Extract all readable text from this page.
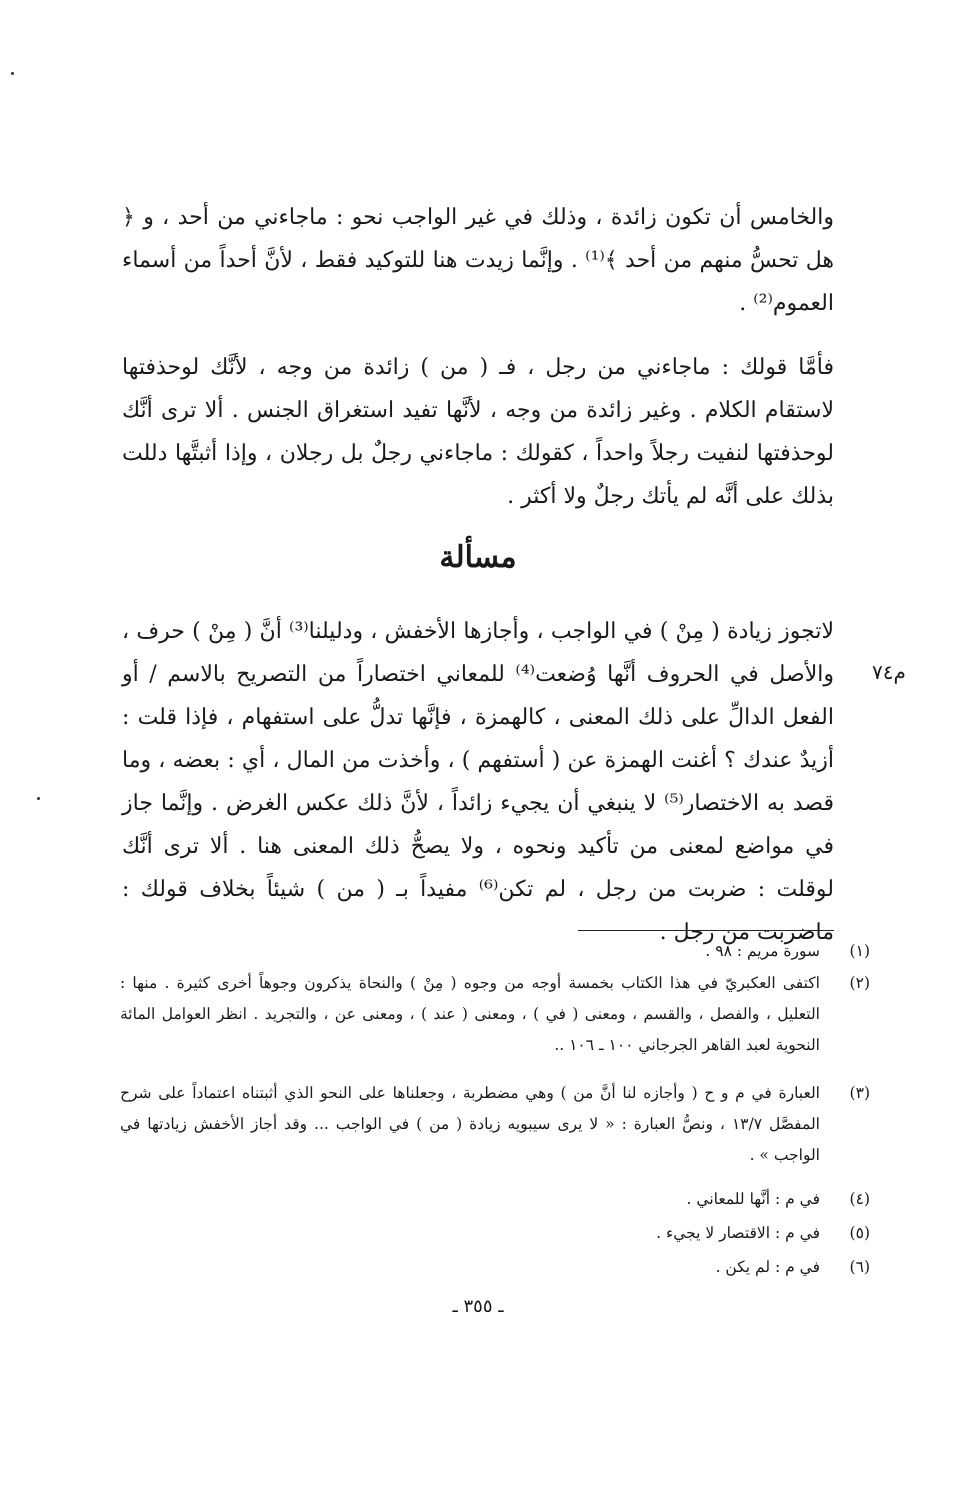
والخامس أن تكون زائدة ، وذلك في غير الواجب نحو : ماجاءني من أحد ، و ﴿ هل تحسُّ منهم من أحد ﴾⁽¹⁾ . وإنَّما زيدت هنا للتوكيد فقط ، لأنَّ أحداً من أسماء العموم⁽²⁾ .

فأمَّا قولك : ماجاءني من رجل ، فـ ( من ) زائدة من وجه ، لأنَّك لوحذفتها لاستقام الكلام . وغير زائدة من وجه ، لأنَّها تفيد استغراق الجنس . ألا ترى أنَّك لوحذفتها لنفيت رجلاً واحداً ، كقولك : ماجاءني رجلٌ بل رجلان ، وإذا أثبتَّها دللت بذلك على أنَّه لم يأتك رجلٌ ولا أكثر .

مسألة

لاتجوز زيادة ( مِنْ ) في الواجب ، وأجازها الأخفش ، ودليلنا⁽³⁾ أنَّ ( مِنْ ) حرف ، والأصل في الحروف أنَّها وُضعت⁽⁴⁾ للمعاني اختصاراً من التصريح بالاسم / أو الفعل الدالِّ على ذلك المعنى ، كالهمزة ، فإنَّها تدلُّ على استفهام ، فإذا قلت : أزيدٌ عندك ؟ أغنت الهمزة عن ( أستفهم ) ، وأخذت من المال ، أي : بعضه ، وما قصد به الاختصار⁽⁵⁾ لا ينبغي أن يجيء زائداً ، لأنَّ ذلك عكس الغرض . وإنَّما جاز في مواضع لمعنى من تأكيد ونحوه ، ولا يصحُّ ذلك المعنى هنا . ألا ترى أنَّك لوقلت : ضربت من رجل ، لم تكن⁽⁶⁾ مفيداً بـ ( من ) شيئاً بخلاف قولك : ماضربت من رجل .

م٧٤
(١)
سورة مريم : ٩٨ .
(٢)
اكتفى العكبريّ في هذا الكتاب بخمسة أوجه من وجوه ( مِنْ ) والنحاة يذكرون وجوهاً أخرى كثيرة . منها : التعليل ، والفصل ، والقسم ، ومعنى ( في ) ، ومعنى ( عند ) ، ومعنى عن ، والتجريد . انظر العوامل المائة النحوية لعبد القاهر الجرجاني ١٠٠ ـ ١٠٦ ..
(٣)
العبارة في م و ح ( وأجازه لنا أنَّ من ) وهي مضطربة ، وجعلناها على النحو الذي أثبتناه اعتماداً على شرح المفصَّل ١٣/٧ ، ونصُّ العبارة : « لا يرى سيبويه زيادة ( من ) في الواجب ... وقد أجاز الأخفش زيادتها في الواجب » .
(٤)
في م : أنَّها للمعاني .
(٥)
في م : الاقتصار لا يجيء .
(٦)
في م : لم يكن .
ـ ٣٥٥ ـ
